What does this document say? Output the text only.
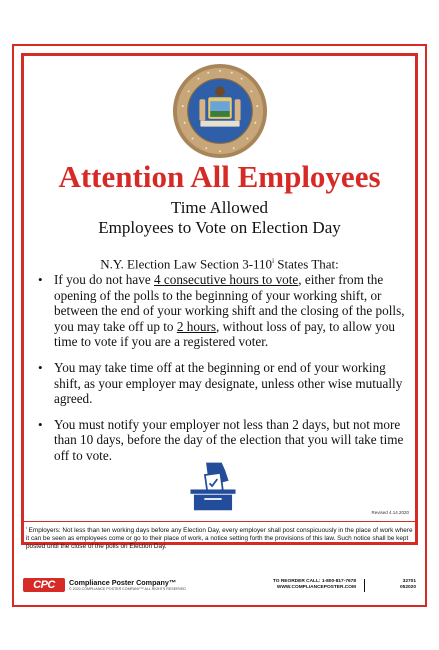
Attention All Employees
Time Allowed
Employees to Vote on Election Day
N.Y. Election Law Section 3-110$^i$ States That:
• If you do not have 4 consecutive hours to vote, either from the opening of the polls to the beginning of your working shift, or between the end of your working shift and the closing of the polls, you may take off up to 2 hours, without loss of pay, to allow you time to vote if you are a registered voter.
• You may take time off at the beginning or end of your working shift, as your employer may designate, unless other wise mutually agreed.
• You must notify your employer not less than 2 days, but not more than 10 days, before the day of the election that you will take time off to vote.
Revised 4.14.2020
$^i$ Employers: Not less than ten working days before any Election Day, every employer shall post conspicuously in the place of work where it can be seen as employees come or go to their place of work, a notice setting forth the provisions of this law. Such notice shall be kept posted until the close of the polls on Election Day.
CPC	Compliance Poster Company™
© 2020 COMPLIANCE POSTER COMPANY™ ALL RIGHTS RESERVED
TO REORDER CALL: 1-800-817-7678
WWW.COMPLIANCEPOSTER.COM
32701
052020
